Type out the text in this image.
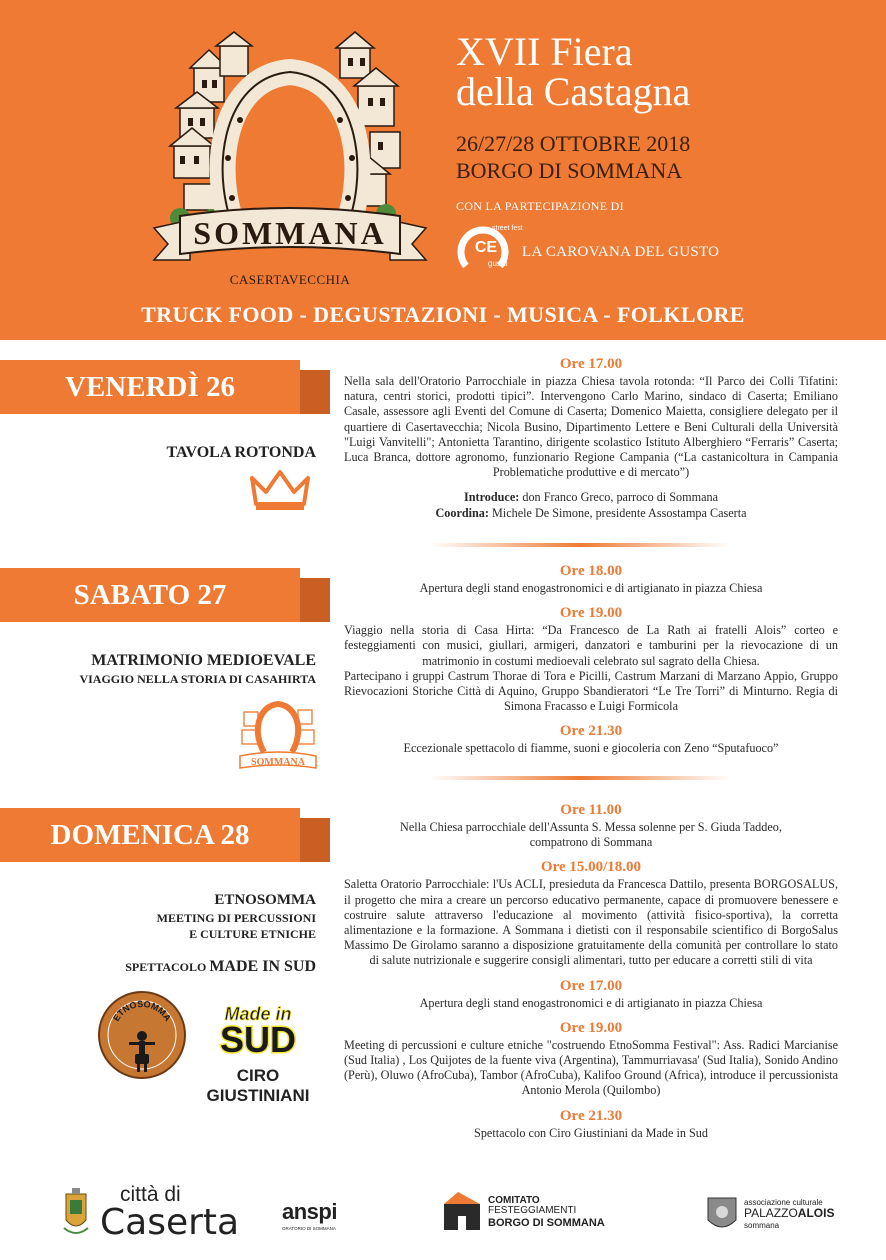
SOMMANA
CASERTAVECCHIA
XVII Fiera
della Castagna
26/27/28 OTTOBRE 2018
BORGO DI SOMMANA
CON LA PARTECIPAZIONE DI
CE
street fest
gusto
LA CAROVANA DEL GUSTO
TRUCK FOOD - DEGUSTAZIONI - MUSICA - FOLKLORE
VENERDÌ 26
TAVOLA ROTONDA
Ore 17.00
Nella sala dell'Oratorio Parrocchiale in piazza Chiesa tavola rotonda: “Il Parco dei Colli Tifatini: natura, centri storici, prodotti tipici”. Intervengono Carlo Marino, sindaco di Caserta; Emiliano Casale, assessore agli Eventi del Comune di Caserta; Domenico Maietta, consigliere delegato per il quartiere di Casertavecchia; Nicola Busino, Dipartimento Lettere e Beni Culturali della Università "Luigi Vanvitelli"; Antonietta Tarantino, dirigente scolastico Istituto Alberghiero “Ferraris” Caserta; Luca Branca, dottore agronomo, funzionario Regione Campania (“La castanicoltura in Campania Problematiche produttive e di mercato”)
Introduce: don Franco Greco, parroco di Sommana
Coordina: Michele De Simone, presidente Assostampa Caserta
SABATO 27
MATRIMONIO MEDIOEVALE
VIAGGIO NELLA STORIA DI CASAHIRTA
SOMMANA
Ore 18.00
Apertura degli stand enogastronomici e di artigianato in piazza Chiesa
Ore 19.00
Viaggio nella storia di Casa Hirta: “Da Francesco de La Rath ai fratelli Alois” corteo e festeggiamenti con musici, giullari, armigeri, danzatori e tamburini per la rievocazione di un matrimonio in costumi medioevali celebrato sul sagrato della Chiesa.
Partecipano i gruppi Castrum Thorae di Tora e Picilli, Castrum Marzani di Marzano Appio, Gruppo Rievocazioni Storiche Città di Aquino, Gruppo Sbandieratori “Le Tre Torri” di Minturno. Regia di Simona Fracasso e Luigi Formicola
Ore 21.30
Eccezionale spettacolo di fiamme, suoni e giocoleria con Zeno “Sputafuoco”
DOMENICA 28
ETNOSOMMA
MEETING DI PERCUSSIONI
E CULTURE ETNICHE
SPETTACOLO MADE IN SUD
ETNOSOMMA	Made in
SUD
CIRO
GIUSTINIANI
Ore 11.00
Nella Chiesa parrocchiale dell'Assunta S. Messa solenne per S. Giuda Taddeo, compatrono di Sommana
Ore 15.00/18.00
Saletta Oratorio Parrocchiale: l'Us ACLI, presieduta da Francesca Dattilo, presenta BORGOSALUS, il progetto che mira a creare un percorso educativo permanente, capace di promuovere benessere e costruire salute attraverso l'educazione al movimento (attività fisico-sportiva), la corretta alimentazione e la formazione. A Sommana i dietisti con il responsabile scientifico di BorgoSalus Massimo De Girolamo saranno a disposizione gratuitamente della comunità per controllare lo stato di salute nutrizionale e suggerire consigli alimentari, tutto per educare a corretti stili di vita
Ore 17.00
Apertura degli stand enogastronomici e di artigianato in piazza Chiesa
Ore 19.00
Meeting di percussioni e culture etniche "costruendo EtnoSomma Festival": Ass. Radici Marcianise (Sud Italia) , Los Quijotes de la fuente viva (Argentina), Tammurriavasa' (Sud Italia), Sonido Andino (Perù), Oluwo (AfroCuba), Tambor (AfroCuba), Kalifoo Ground (Africa), introduce il percussionista Antonio Merola (Quilombo)
Ore 21.30
Spettacolo con Ciro Giustiniani da Made in Sud
città di
Caserta anspi
ORATORIO DI SOMMANA
COMITATO
FESTEGGIAMENTI
BORGO DI SOMMANA
associazione culturale
PALAZZOALOIS
sommana
